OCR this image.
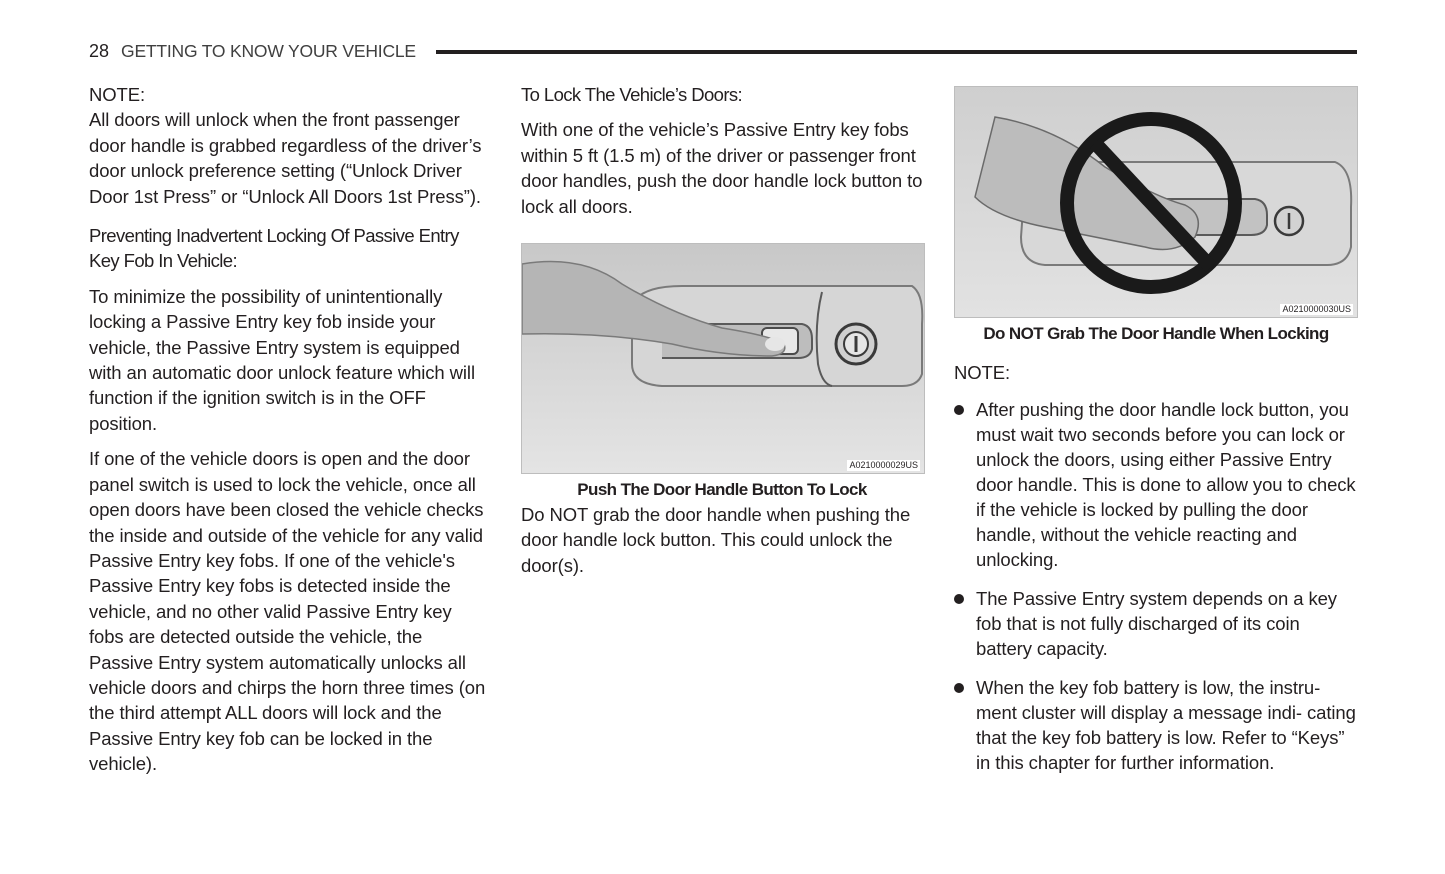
28 GETTING TO KNOW YOUR VEHICLE

NOTE:

All doors will unlock when the front passenger door handle is grabbed regardless of the driver’s door unlock preference setting (“Unlock Driver Door 1st Press” or “Unlock All Doors 1st Press”).

Preventing Inadvertent Locking Of Passive Entry Key Fob In Vehicle:

To minimize the possibility of unintentionally locking a Passive Entry key fob inside your vehicle, the Passive Entry system is equipped with an automatic door unlock feature which will function if the ignition switch is in the OFF position.

If one of the vehicle doors is open and the door panel switch is used to lock the vehicle, once all open doors have been closed the vehicle checks the inside and outside of the vehicle for any valid Passive Entry key fobs. If one of the vehicle's Passive Entry key fobs is detected inside the vehicle, and no other valid Passive Entry key fobs are detected outside the vehicle, the Passive Entry system automatically unlocks all vehicle doors and chirps the horn three times (on the third attempt ALL doors will lock and the Passive Entry key fob can be locked in the vehicle).

To Lock The Vehicle’s Doors:

With one of the vehicle’s Passive Entry key fobs within 5 ft (1.5 m) of the driver or passenger front door handles, push the door handle lock button to lock all doors.

A0210000029US

Push The Door Handle Button To Lock

Do NOT grab the door handle when pushing the door handle lock button. This could unlock the door(s).

A0210000030US

Do NOT Grab The Door Handle When Locking

NOTE:

After pushing the door handle lock button, you must wait two seconds before you can lock or unlock the doors, using either Passive Entry door handle. This is done to allow you to check if the vehicle is locked by pulling the door handle, without the vehicle reacting and unlocking.
The Passive Entry system depends on a key fob that is not fully discharged of its coin battery capacity.
When the key fob battery is low, the instru- ment cluster will display a message indi- cating that the key fob battery is low. Refer to “Keys” in this chapter for further information.
